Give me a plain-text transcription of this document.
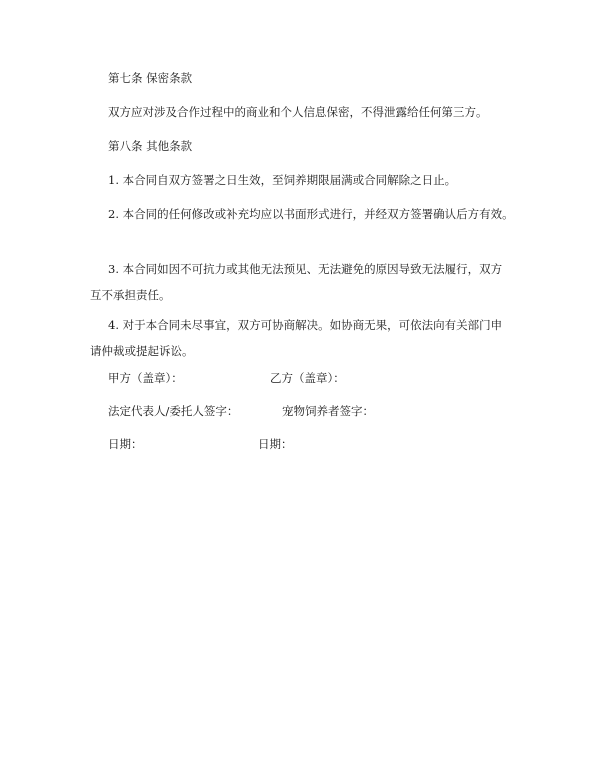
第七条 保密条款
双方应对涉及合作过程中的商业和个人信息保密，不得泄露给任何第三方。
第八条 其他条款
1. 本合同自双方签署之日生效，至饲养期限届满或合同解除之日止。
2. 本合同的任何修改或补充均应以书面形式进行，并经双方签署确认后方有效。
3. 本合同如因不可抗力或其他无法预见、无法避免的原因导致无法履行，双方互不承担责任。
4. 对于本合同未尽事宜，双方可协商解决。如协商无果，可依法向有关部门申请仲裁或提起诉讼。
甲方（盖章）：	乙方（盖章）：
法定代表人/委托人签字：	宠物饲养者签字：
日期：	日期：
